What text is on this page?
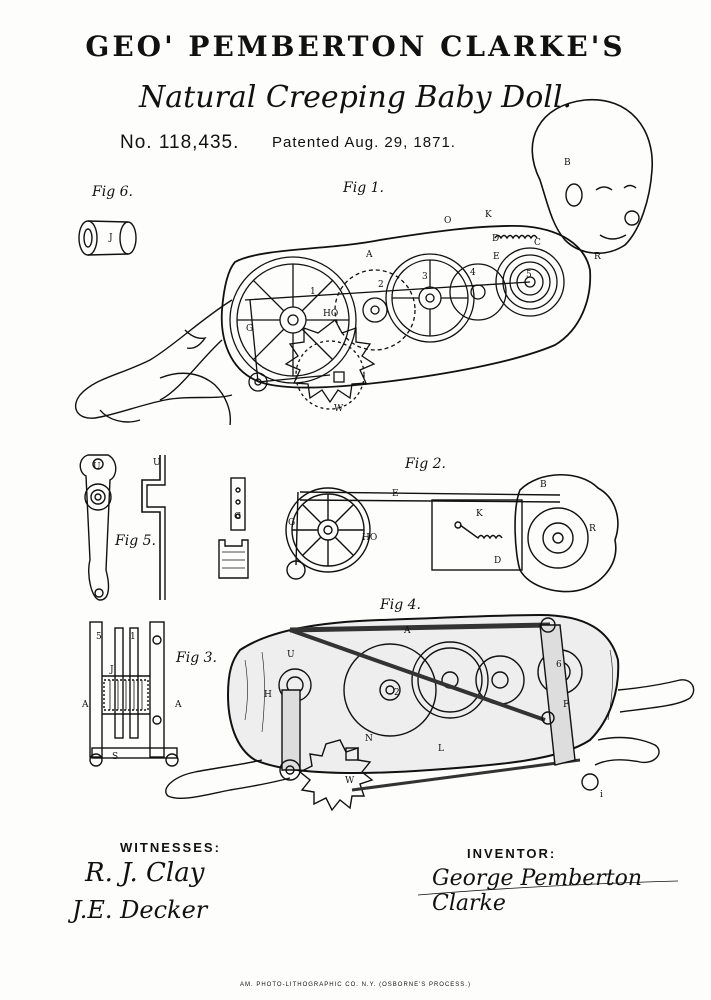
GEO' PEMBERTON CLARKE'S
Natural Creeping Baby Doll.
No. 118,435. Patented Aug. 29, 1871.
Fig 6.	Fig 1.
Fig 5.
Fig 2.
Fig 4.
Fig 3.
A
B
K
O
D
E	R
C
G
HO
W
1
2
3	4	5
J
U	U
G
E
B
K
R
D
G
HO
A
U
H	2
W
N
L
F
6
i
5	1
J
A	A
S
WITNESSES:
R. J. Clay
J.E. Decker
INVENTOR:
George Pemberton Clarke
AM. PHOTO-LITHOGRAPHIC CO. N.Y. (OSBORNE'S PROCESS.)
